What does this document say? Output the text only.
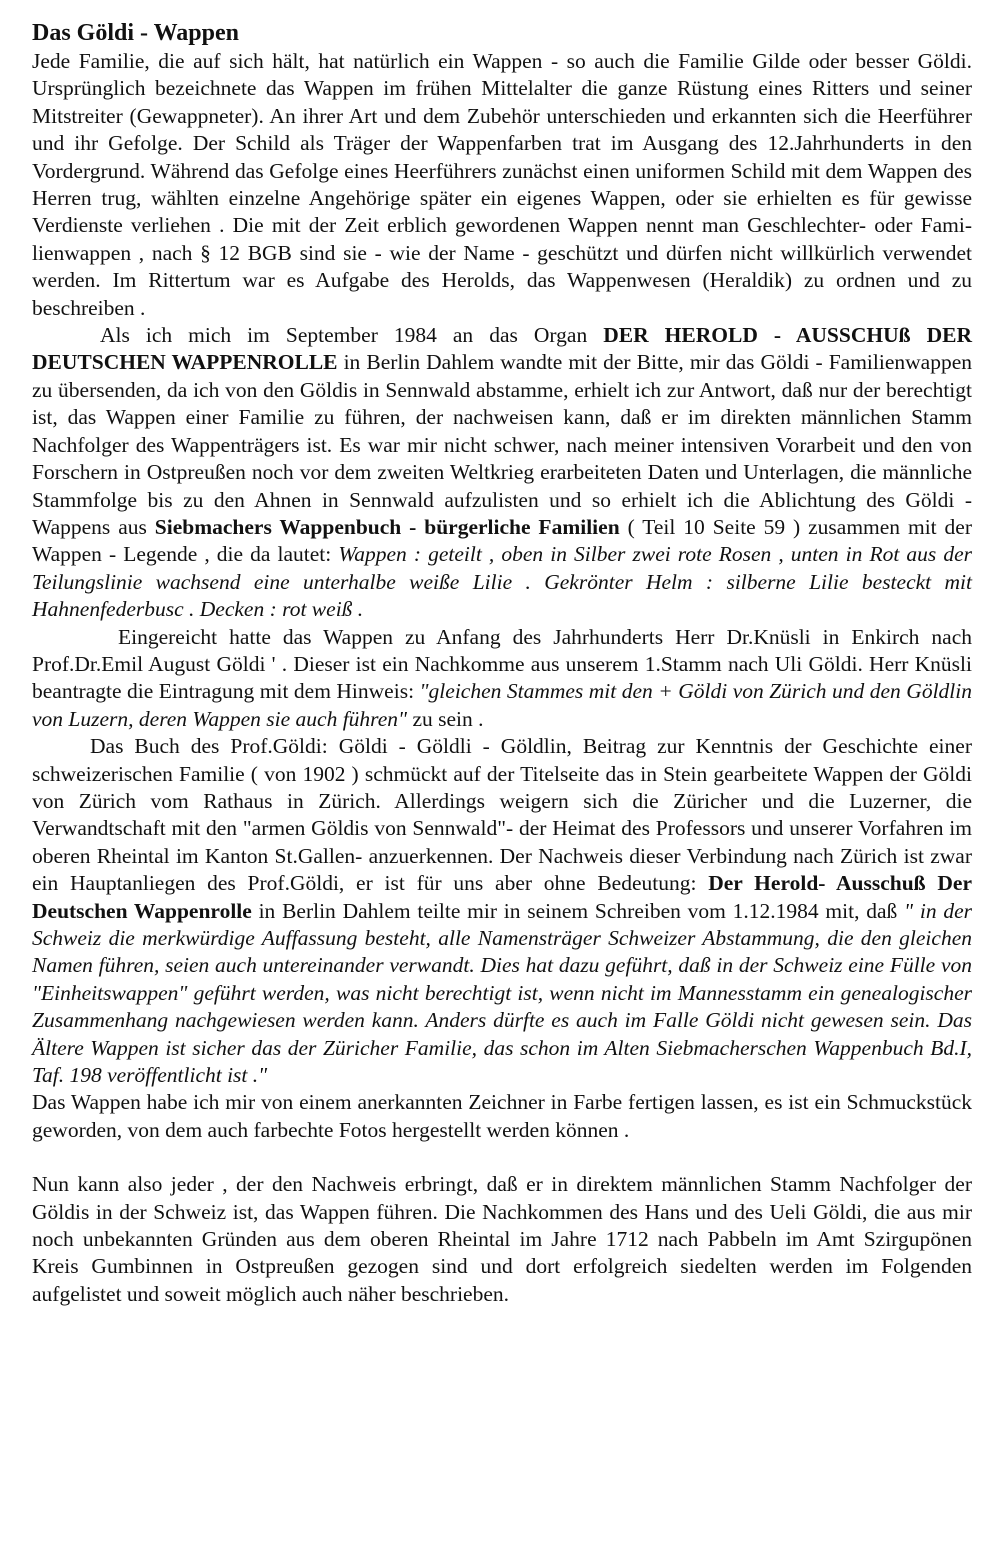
Das Göldi - Wappen

Jede Familie, die auf sich hält, hat natürlich ein Wappen - so auch die Familie Gilde oder besser Göldi. Ursprünglich bezeichnete das Wappen im frühen Mittelalter die ganze Rüstung eines Ritters und seiner Mitstreiter (Gewappneter). An ihrer Art und dem Zubehör unterschieden und erkannten sich die Heerführer und ihr Gefolge. Der Schild als Träger der Wappenfarben trat im Ausgang des 12.Jahrhunderts in den Vordergrund. Während das Gefolge eines Heerführers zunächst einen uniformen Schild mit dem Wappen des Herren trug, wählten einzelne Angehörige später ein eigenes Wappen, oder sie erhielten es für gewisse Verdienste verliehen . Die mit der Zeit erblich gewordenen Wappen nennt man Geschlechter- oder Familienwappen , nach § 12 BGB sind sie - wie der Name - geschützt und dürfen nicht willkürlich verwendet werden. Im Rittertum war es Aufgabe des Herolds, das Wappenwesen (Heraldik) zu ordnen und zu beschreiben .

Als ich mich im September 1984 an das Organ DER HEROLD - AUSSCHUß DER DEUTSCHEN WAPPENROLLE in Berlin Dahlem wandte mit der Bitte, mir das Göldi - Familienwappen zu übersenden, da ich von den Göldis in Sennwald abstamme, erhielt ich zur Antwort, daß nur der berechtigt ist, das Wappen einer Familie zu führen, der nachweisen kann, daß er im direkten männlichen Stamm Nachfolger des Wappenträgers ist. Es war mir nicht schwer, nach meiner intensiven Vorarbeit und den von Forschern in Ostpreußen noch vor dem zweiten Weltkrieg erarbeiteten Daten und Unterlagen, die männliche Stammfolge bis zu den Ahnen in Sennwald aufzulisten und so erhielt ich die Ablichtung des Göldi - Wappens aus Siebmachers Wappenbuch - bürgerliche Familien ( Teil 10 Seite 59 ) zusammen mit der Wappen - Legende , die da lautet: Wappen : geteilt , oben in Silber zwei rote Rosen , unten in Rot aus der Teilungslinie wachsend eine unterhalbe weiße Lilie . Gekrönter Helm : silberne Lilie besteckt mit Hahnenfederbusc . Decken : rot weiß .

Eingereicht hatte das Wappen zu Anfang des Jahrhunderts Herr Dr.Knüsli in Enkirch nach Prof.Dr.Emil August Göldi ' . Dieser ist ein Nachkomme aus unserem 1.Stamm nach Uli Göldi. Herr Knüsli beantragte die Eintragung mit dem Hinweis: "gleichen Stammes mit den + Göldi von Zürich und den Göldlin von Luzern, deren Wappen sie auch führen" zu sein .

Das Buch des Prof.Göldi: Göldi - Göldli - Göldlin, Beitrag zur Kenntnis der Geschichte einer schweizerischen Familie ( von 1902 ) schmückt auf der Titelseite das in Stein gearbeitete Wappen der Göldi von Zürich vom Rathaus in Zürich. Allerdings weigern sich die Züricher und die Luzerner, die Verwandtschaft mit den "armen Göldis von Sennwald"- der Heimat des Professors und unserer Vorfahren im oberen Rheintal im Kanton St.Gallen- anzuerkennen. Der Nachweis dieser Verbindung nach Zürich ist zwar ein Hauptanliegen des Prof.Göldi, er ist für uns aber ohne Bedeutung: Der Herold- Ausschuß Der Deutschen Wappenrolle in Berlin Dahlem teilte mir in seinem Schreiben vom 1.12.1984 mit, daß " in der Schweiz die merkwürdige Auffassung besteht, alle Namensträger Schweizer Abstammung, die den gleichen Namen führen, seien auch untereinander verwandt. Dies hat dazu geführt, daß in der Schweiz eine Fülle von "Einheitswappen" geführt werden, was nicht berechtigt ist, wenn nicht im Mannesstamm ein genealogischer Zusammenhang nachgewiesen werden kann. Anders dürfte es auch im Falle Göldi nicht gewesen sein. Das Ältere Wappen ist sicher das der Züricher Familie, das schon im Alten Siebmacherschen Wappenbuch Bd.I, Taf. 198 veröffentlicht ist ."

Das Wappen habe ich mir von einem anerkannten Zeichner in Farbe fertigen lassen, es ist ein Schmuckstück geworden, von dem auch farbechte Fotos hergestellt werden können .

Nun kann also jeder , der den Nachweis erbringt, daß er in direktem männlichen Stamm Nachfolger der Göldis in der Schweiz ist, das Wappen führen. Die Nachkommen des Hans und des Ueli Göldi, die aus mir noch unbekannten Gründen aus dem oberen Rheintal im Jahre 1712 nach Pabbeln im Amt Szirgupönen Kreis Gumbinnen in Ostpreußen gezogen sind und dort erfolgreich siedelten werden im Folgenden aufgelistet und soweit möglich auch näher beschrieben.
